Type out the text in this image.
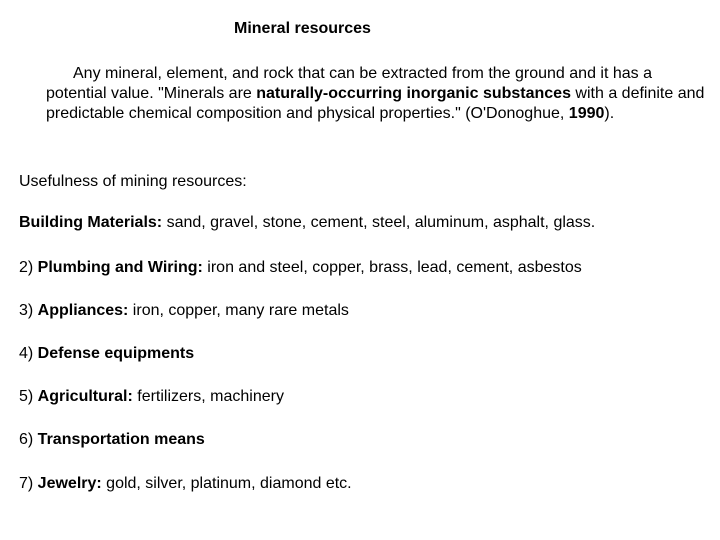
Mineral resources
Any mineral, element, and rock that can be extracted from the ground and it has a potential value. "Minerals are naturally-occurring inorganic substances with a definite and predictable chemical composition and physical properties." (O'Donoghue, 1990).
Usefulness of mining resources:
Building Materials: sand, gravel, stone, cement, steel, aluminum, asphalt, glass.
2) Plumbing and Wiring: iron and steel, copper, brass, lead, cement, asbestos
3) Appliances: iron, copper, many rare metals
4) Defense equipments
5) Agricultural: fertilizers, machinery
6) Transportation means
7) Jewelry: gold, silver, platinum, diamond etc.
